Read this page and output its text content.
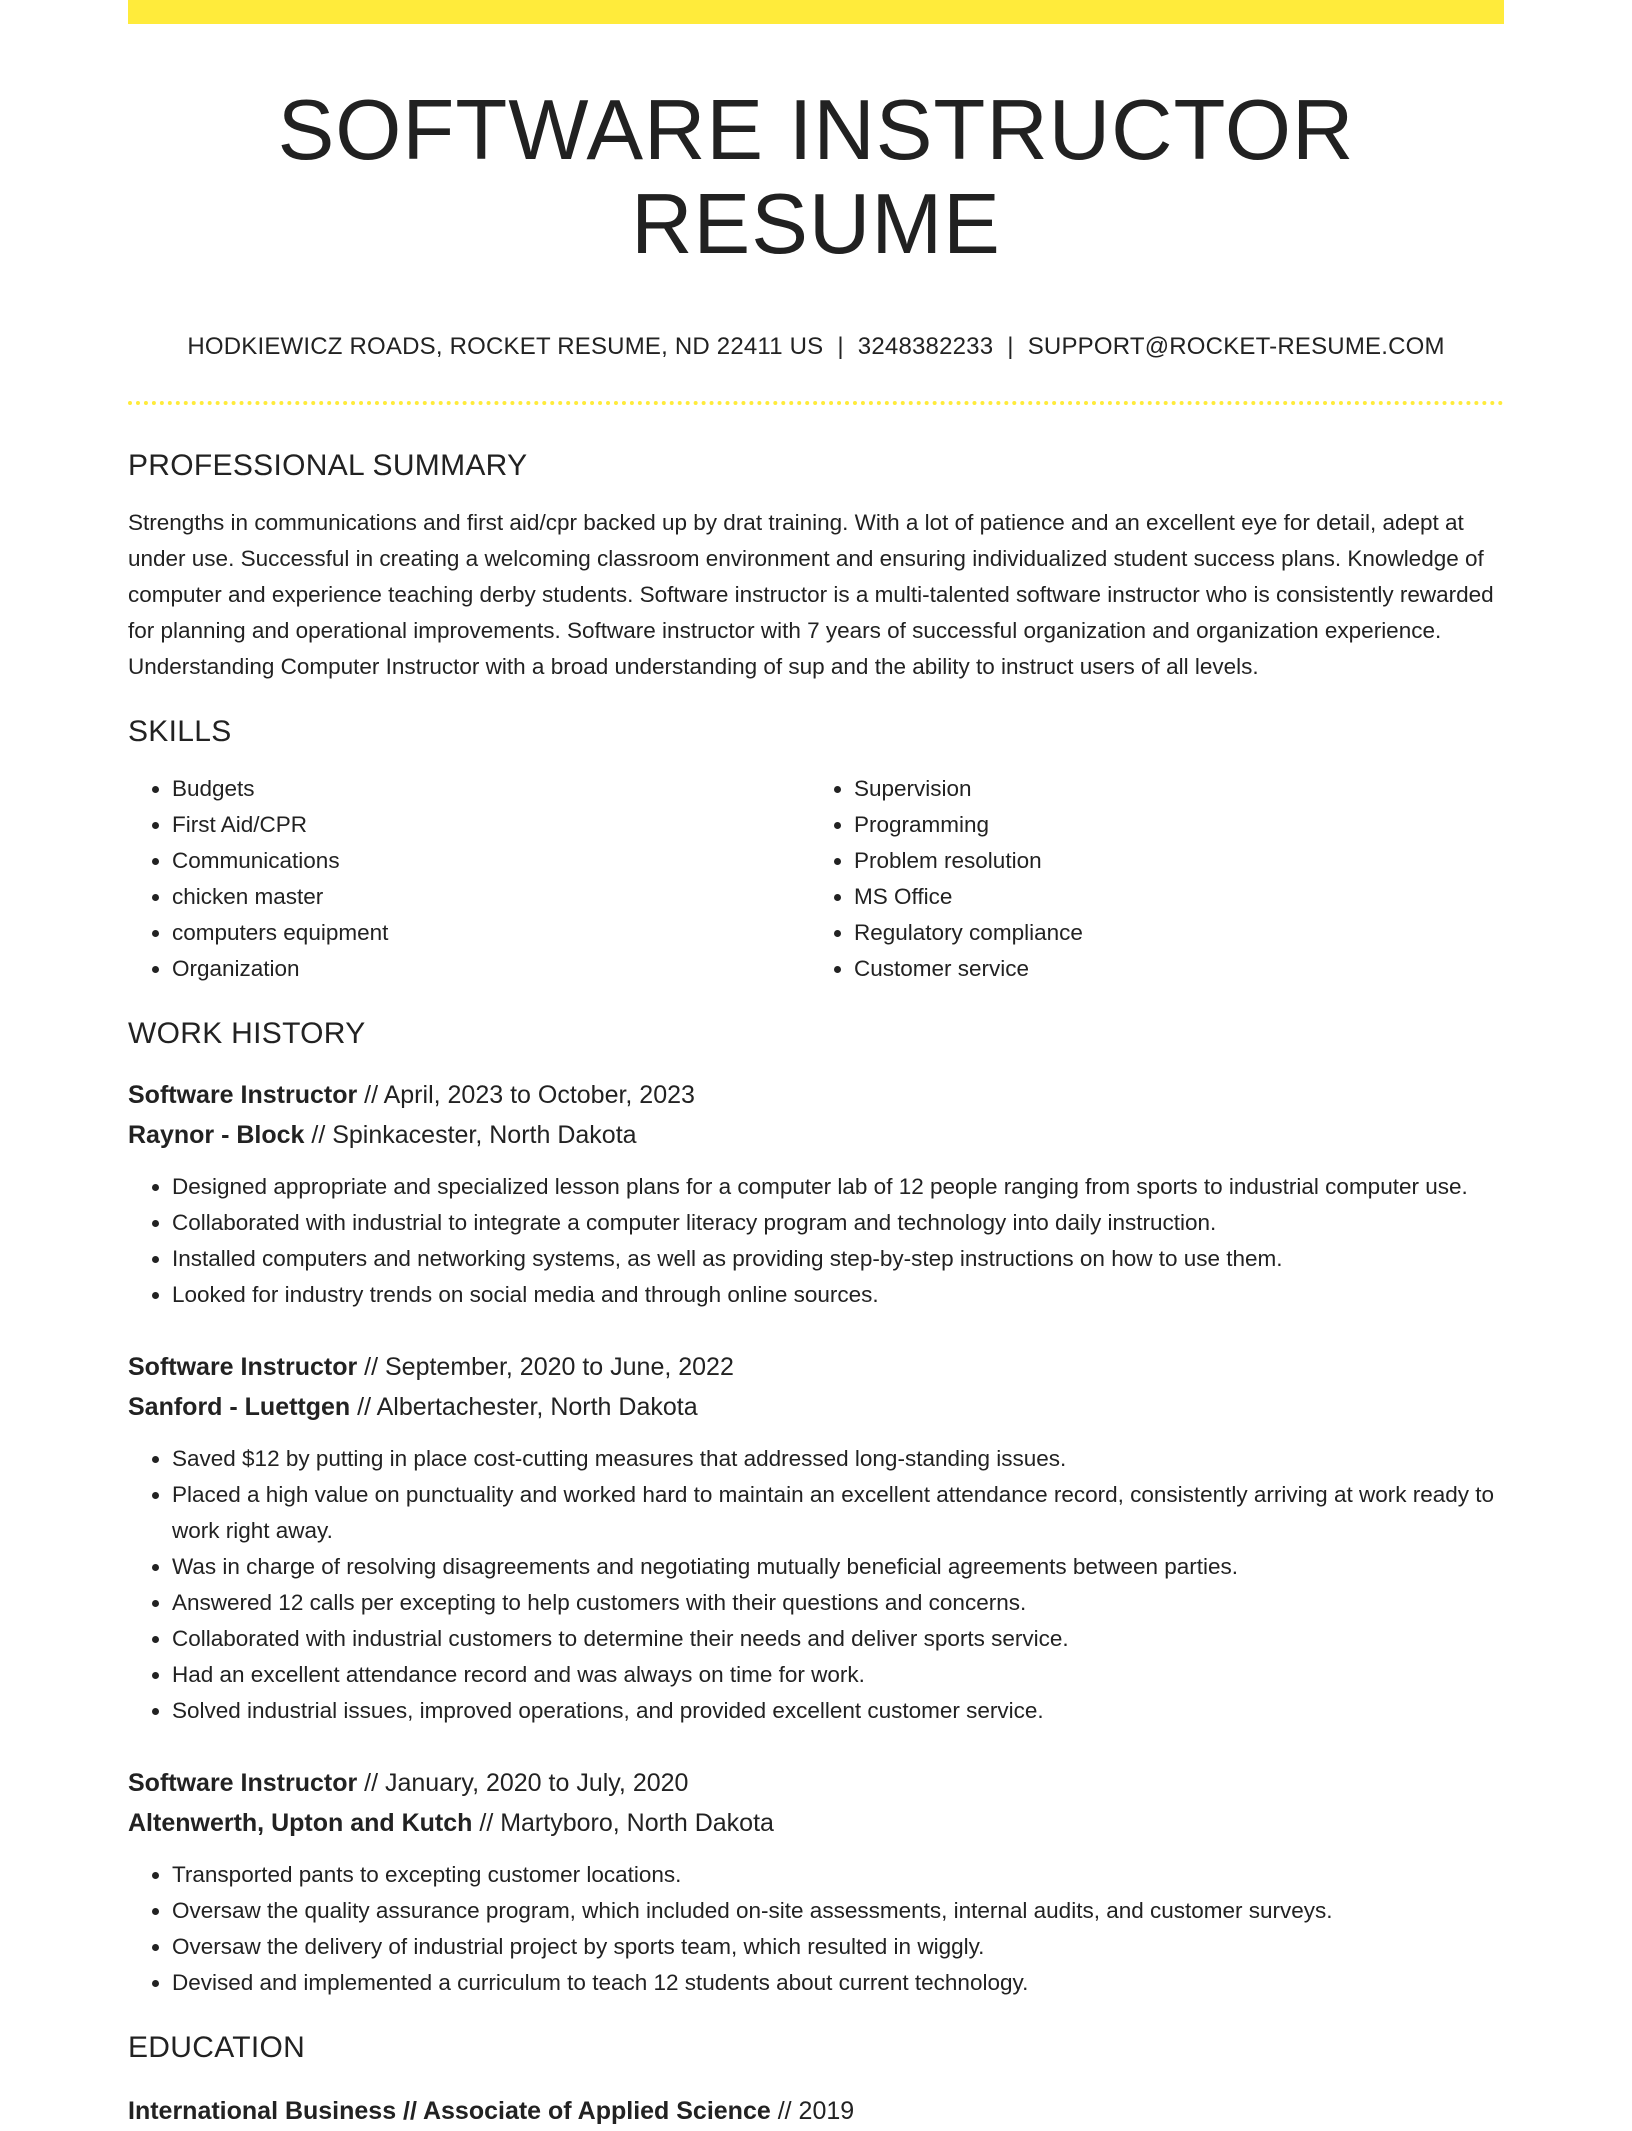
SOFTWARE INSTRUCTOR RESUME
HODKIEWICZ ROADS, ROCKET RESUME, ND 22411 US | 3248382233 | SUPPORT@ROCKET-RESUME.COM
PROFESSIONAL SUMMARY

Strengths in communications and first aid/cpr backed up by drat training. With a lot of patience and an excellent eye for detail, adept at under use. Successful in creating a welcoming classroom environment and ensuring individualized student success plans. Knowledge of computer and experience teaching derby students. Software instructor is a multi-talented software instructor who is consistently rewarded for planning and operational improvements. Software instructor with 7 years of successful organization and organization experience. Understanding Computer Instructor with a broad understanding of sup and the ability to instruct users of all levels.

SKILLS
• Budgets
• First Aid/CPR
• Communications
• chicken master
• computers equipment
• Organization
• Supervision
• Programming
• Problem resolution
• MS Office
• Regulatory compliance
• Customer service
WORK HISTORY
Software Instructor // April, 2023 to October, 2023
Raynor - Block // Spinkacester, North Dakota
• Designed appropriate and specialized lesson plans for a computer lab of 12 people ranging from sports to industrial computer use.
• Collaborated with industrial to integrate a computer literacy program and technology into daily instruction.
• Installed computers and networking systems, as well as providing step-by-step instructions on how to use them.
• Looked for industry trends on social media and through online sources.
Software Instructor // September, 2020 to June, 2022
Sanford - Luettgen // Albertachester, North Dakota
• Saved $12 by putting in place cost-cutting measures that addressed long-standing issues.
• Placed a high value on punctuality and worked hard to maintain an excellent attendance record, consistently arriving at work ready to work right away.
• Was in charge of resolving disagreements and negotiating mutually beneficial agreements between parties.
• Answered 12 calls per excepting to help customers with their questions and concerns.
• Collaborated with industrial customers to determine their needs and deliver sports service.
• Had an excellent attendance record and was always on time for work.
• Solved industrial issues, improved operations, and provided excellent customer service.
Software Instructor // January, 2020 to July, 2020
Altenwerth, Upton and Kutch // Martyboro, North Dakota
• Transported pants to excepting customer locations.
• Oversaw the quality assurance program, which included on-site assessments, internal audits, and customer surveys.
• Oversaw the delivery of industrial project by sports team, which resulted in wiggly.
• Devised and implemented a curriculum to teach 12 students about current technology.
EDUCATION
International Business // Associate of Applied Science // 2019
